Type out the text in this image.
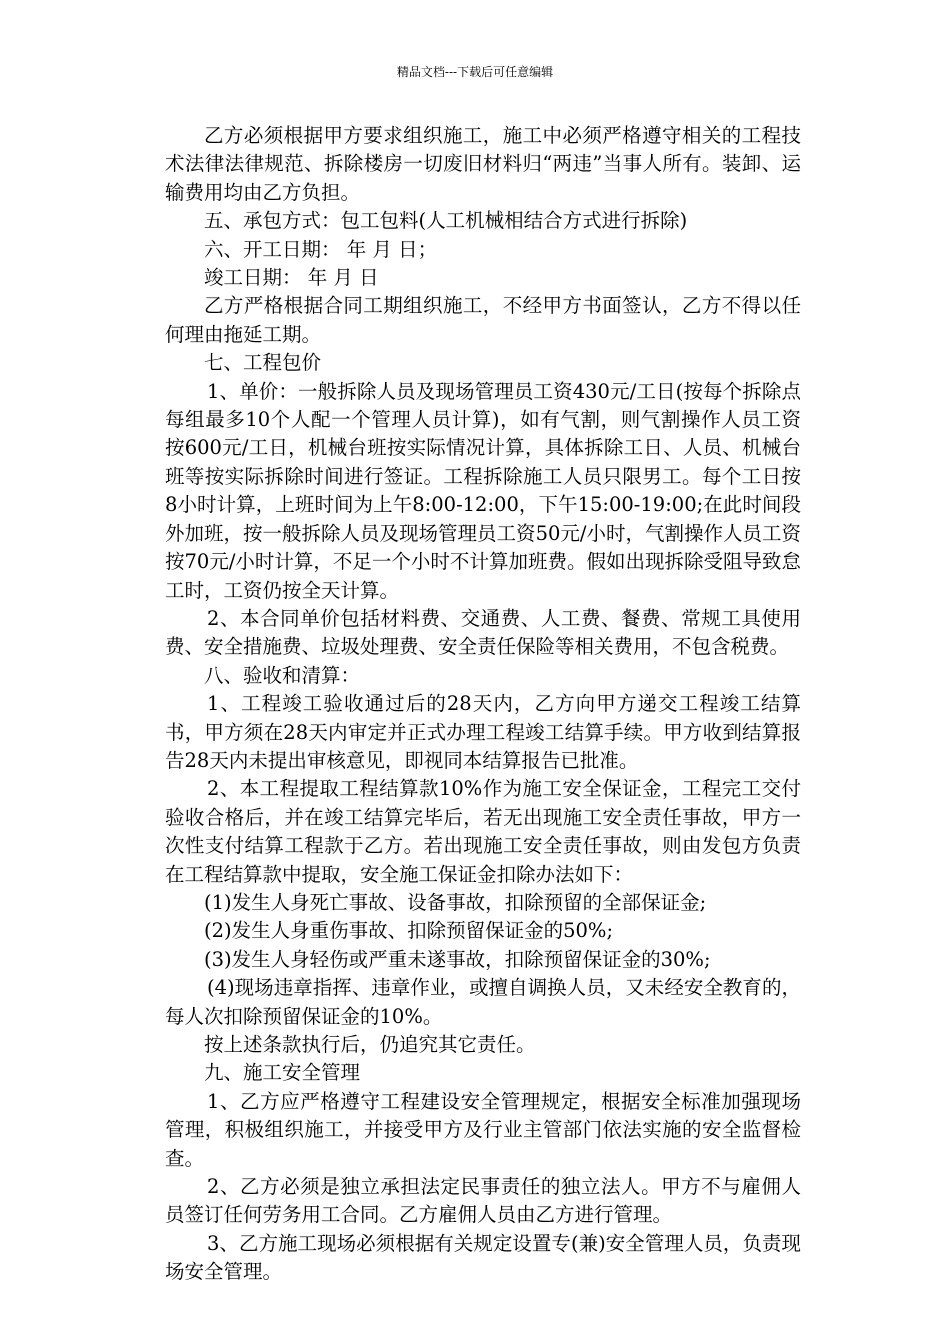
精品文档---下载后可任意编辑

乙方必须根据甲方要求组织施工，施工中必须严格遵守相关的工程技术法律法律规范、拆除楼房一切废旧材料归“两违”当事人所有。装卸、运输费用均由乙方负担。

五、承包方式：包工包料(人工机械相结合方式进行拆除)

六、开工日期： 年 月 日；

竣工日期： 年 月 日

乙方严格根据合同工期组织施工，不经甲方书面签认，乙方不得以任何理由拖延工期。

七、工程包价

1、单价：一般拆除人员及现场管理员工资430元/工日(按每个拆除点每组最多10个人配一个管理人员计算)，如有气割，则气割操作人员工资按600元/工日，机械台班按实际情况计算，具体拆除工日、人员、机械台班等按实际拆除时间进行签证。工程拆除施工人员只限男工。每个工日按8小时计算，上班时间为上午8:00-12:00，下午15:00-19:00;在此时间段外加班，按一般拆除人员及现场管理员工资50元/小时，气割操作人员工资按70元/小时计算，不足一个小时不计算加班费。假如出现拆除受阻导致怠工时，工资仍按全天计算。

2、本合同单价包括材料费、交通费、人工费、餐费、常规工具使用费、安全措施费、垃圾处理费、安全责任保险等相关费用，不包含税费。

八、验收和清算：

1、工程竣工验收通过后的28天内，乙方向甲方递交工程竣工结算书，甲方须在28天内审定并正式办理工程竣工结算手续。甲方收到结算报告28天内未提出审核意见，即视同本结算报告已批准。

2、本工程提取工程结算款10%作为施工安全保证金，工程完工交付验收合格后，并在竣工结算完毕后，若无出现施工安全责任事故，甲方一次性支付结算工程款于乙方。若出现施工安全责任事故，则由发包方负责在工程结算款中提取，安全施工保证金扣除办法如下：

(1)发生人身死亡事故、设备事故，扣除预留的全部保证金;

(2)发生人身重伤事故、扣除预留保证金的50%;

(3)发生人身轻伤或严重未遂事故，扣除预留保证金的30%;

(4)现场违章指挥、违章作业，或擅自调换人员，又未经安全教育的，每人次扣除预留保证金的10%。

按上述条款执行后，仍追究其它责任。

九、施工安全管理

1、乙方应严格遵守工程建设安全管理规定，根据安全标准加强现场管理，积极组织施工，并接受甲方及行业主管部门依法实施的安全监督检查。

2、乙方必须是独立承担法定民事责任的独立法人。甲方不与雇佣人员签订任何劳务用工合同。乙方雇佣人员由乙方进行管理。

3、乙方施工现场必须根据有关规定设置专(兼)安全管理人员，负责现场安全管理。
